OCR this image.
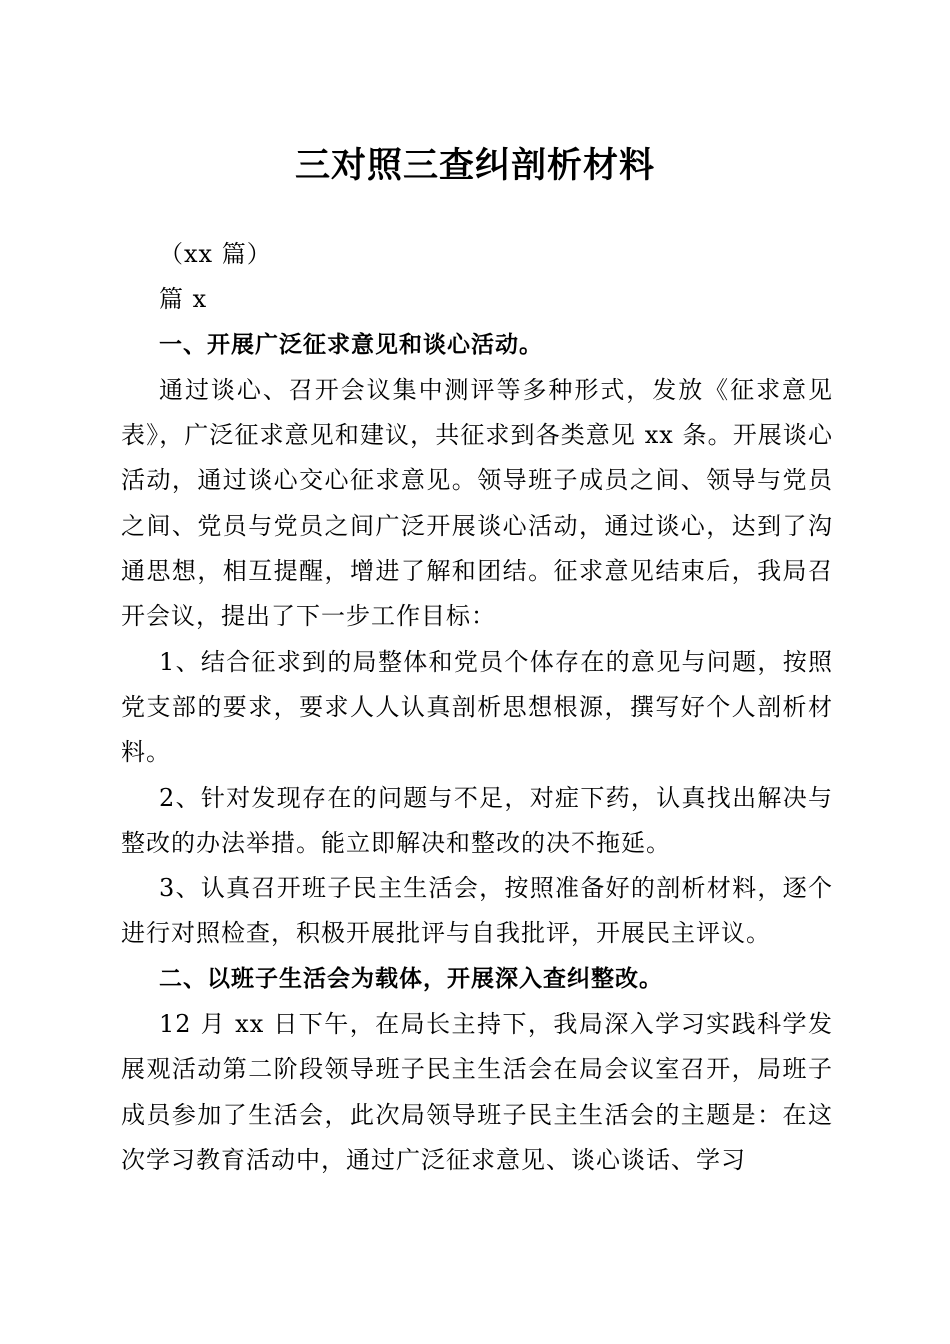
三对照三查纠剖析材料

（xx 篇）

篇 x

一、开展广泛征求意见和谈心活动。

通过谈心、召开会议集中测评等多种形式，发放《征求意见表》，广泛征求意见和建议，共征求到各类意见 xx 条。开展谈心活动，通过谈心交心征求意见。领导班子成员之间、领导与党员之间、党员与党员之间广泛开展谈心活动，通过谈心，达到了沟通思想，相互提醒，增进了解和团结。征求意见结束后，我局召开会议，提出了下一步工作目标：

1、结合征求到的局整体和党员个体存在的意见与问题，按照党支部的要求，要求人人认真剖析思想根源，撰写好个人剖析材料。

2、针对发现存在的问题与不足，对症下药，认真找出解决与整改的办法举措。能立即解决和整改的决不拖延。

3、认真召开班子民主生活会，按照准备好的剖析材料，逐个进行对照检查，积极开展批评与自我批评，开展民主评议。

二、以班子生活会为载体，开展深入查纠整改。

12 月 xx 日下午，在局长主持下，我局深入学习实践科学发展观活动第二阶段领导班子民主生活会在局会议室召开，局班子成员参加了生活会，此次局领导班子民主生活会的主题是：在这次学习教育活动中，通过广泛征求意见、谈心谈话、学习
